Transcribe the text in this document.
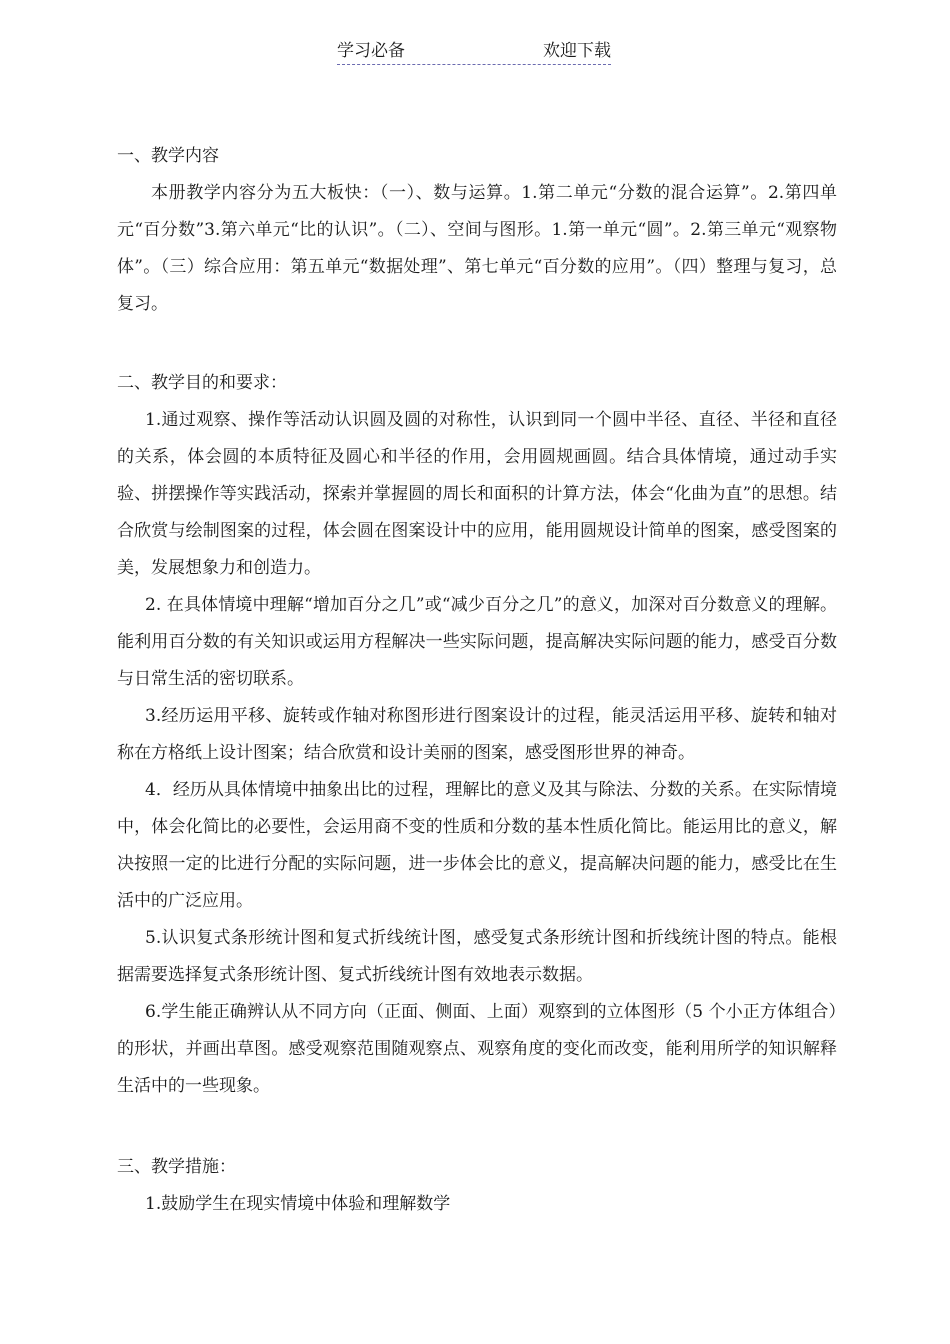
学习必备	欢迎下载

一、教学内容

本册教学内容分为五大板快：（一）、数与运算。1.第二单元“分数的混合运算”。2.第四单元“百分数”3.第六单元“比的认识”。（二）、空间与图形。1.第一单元“圆”。2.第三单元“观察物体”。（三）综合应用：第五单元“数据处理”、第七单元“百分数的应用”。（四）整理与复习，总复习。

二、教学目的和要求：

1.通过观察、操作等活动认识圆及圆的对称性，认识到同一个圆中半径、直径、半径和直径的关系，体会圆的本质特征及圆心和半径的作用，会用圆规画圆。结合具体情境，通过动手实验、拼摆操作等实践活动，探索并掌握圆的周长和面积的计算方法，体会“化曲为直”的思想。结合欣赏与绘制图案的过程，体会圆在图案设计中的应用，能用圆规设计简单的图案，感受图案的美，发展想象力和创造力。

2. 在具体情境中理解“增加百分之几”或“减少百分之几”的意义，加深对百分数意义的理解。能利用百分数的有关知识或运用方程解决一些实际问题，提高解决实际问题的能力，感受百分数与日常生活的密切联系。

3.经历运用平移、旋转或作轴对称图形进行图案设计的过程，能灵活运用平移、旋转和轴对称在方格纸上设计图案；结合欣赏和设计美丽的图案，感受图形世界的神奇。

4．经历从具体情境中抽象出比的过程，理解比的意义及其与除法、分数的关系。在实际情境中，体会化简比的必要性，会运用商不变的性质和分数的基本性质化简比。能运用比的意义，解决按照一定的比进行分配的实际问题，进一步体会比的意义，提高解决问题的能力，感受比在生活中的广泛应用。

5.认识复式条形统计图和复式折线统计图，感受复式条形统计图和折线统计图的特点。能根据需要选择复式条形统计图、复式折线统计图有效地表示数据。

6.学生能正确辨认从不同方向（正面、侧面、上面）观察到的立体图形（5 个小正方体组合）的形状，并画出草图。感受观察范围随观察点、观察角度的变化而改变，能利用所学的知识解释生活中的一些现象。

三、教学措施：

1.鼓励学生在现实情境中体验和理解数学
